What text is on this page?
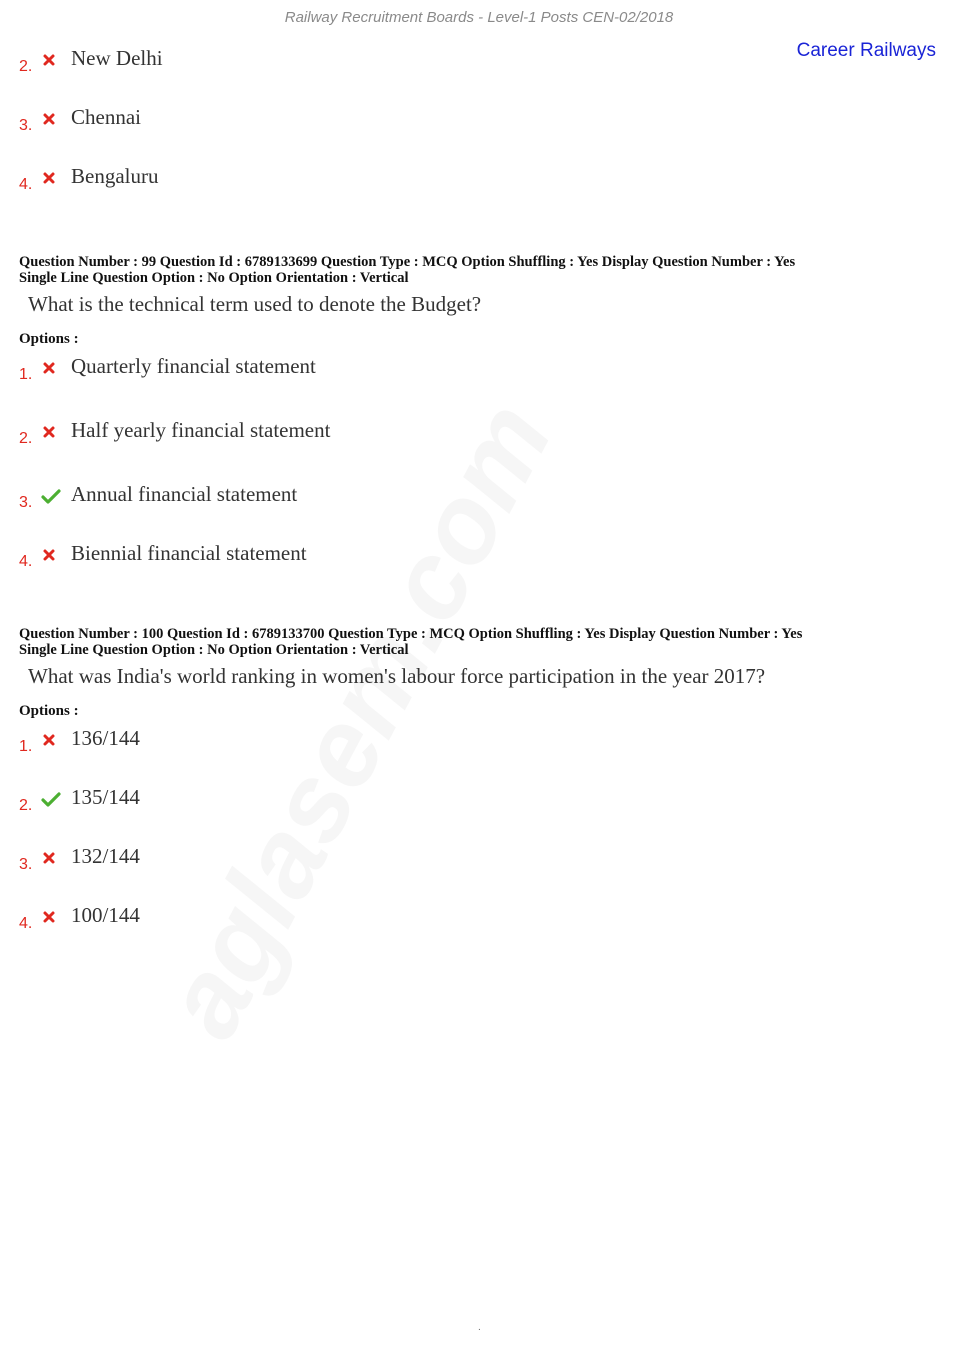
Railway Recruitment Boards - Level-1 Posts CEN-02/2018
Career Railways
2. New Delhi
3. Chennai
4. Bengaluru
Question Number : 99 Question Id : 6789133699 Question Type : MCQ Option Shuffling : Yes Display Question Number : Yes
Single Line Question Option : No Option Orientation : Vertical
What is the technical term used to denote the Budget?
Options :
1. Quarterly financial statement
2. Half yearly financial statement
3. Annual financial statement
4. Biennial financial statement
Question Number : 100 Question Id : 6789133700 Question Type : MCQ Option Shuffling : Yes Display Question Number : Yes
Single Line Question Option : No Option Orientation : Vertical
What was India's world ranking in women's labour force participation in the year 2017?
Options :
1. 136/144
2. 135/144
3. 132/144
4. 100/144
.
